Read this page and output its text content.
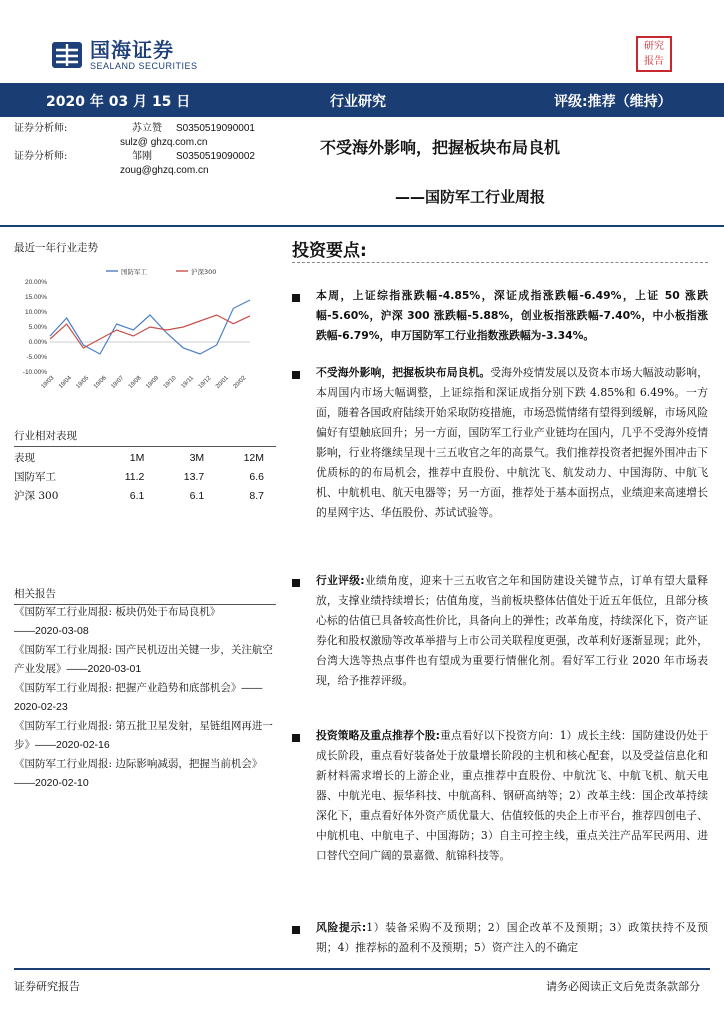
国海证券
SEALAND SECURITIES
研究
报告
2020 年 03 月 15 日	行业研究	评级:推荐（维持）
证券分析师:	苏立赞	S0350519090001
sulz@ ghzq.com.cn
证券分析师:	邹刚	S0350519090002
zoug@ghzq.com.cn
不受海外影响，把握板块布局良机
——国防军工行业周报
最近一年行业走势
国防军工	沪深300
20.00%
15.00%
10.00%
5.00%
0.00%
-5.00%
-10.00%
19/03 19/04 19/05 19/06 19/07 19/08 19/09 19/10 19/11 19/12 20/01 20/02
行业相对表现
表现	1M	3M	12M
国防军工	11.2	13.7	6.6
沪深 300	6.1	6.1	8.7
相关报告
《国防军工行业周报: 板块仍处于布局良机》
——2020-03-08
《国防军工行业周报: 国产民机迈出关键一步，关注航空产业发展》——2020-03-01
《国防军工行业周报: 把握产业趋势和底部机会》——2020-02-23
《国防军工行业周报: 第五批卫星发射，星链组网再进一步》——2020-02-16
《国防军工行业周报: 边际影响减弱，把握当前机会》——2020-02-10
投资要点:
本周，上证综指涨跌幅-4.85%，深证成指涨跌幅-6.49%，上证 50 涨跌幅-5.60%，沪深 300 涨跌幅-5.88%，创业板指涨跌幅-7.40%，中小板指涨跌幅-6.79%，申万国防军工行业指数涨跌幅为-3.34%。
不受海外影响，把握板块布局良机。受海外疫情发展以及资本市场大幅波动影响，本周国内市场大幅调整，上证综指和深证成指分别下跌 4.85%和 6.49%。一方面，随着各国政府陆续开始采取防疫措施，市场恐慌情绪有望得到缓解，市场风险偏好有望触底回升；另一方面，国防军工行业产业链均在国内，几乎不受海外疫情影响，行业将继续呈现十三五收官之年的高景气。我们推荐投资者把握外围冲击下优质标的的布局机会，推荐中直股份、中航沈飞、航发动力、中国海防、中航飞机、中航机电、航天电器等；另一方面，推荐处于基本面拐点，业绩迎来高速增长的星网宇达、华伍股份、苏试试验等。
行业评级:业绩角度，迎来十三五收官之年和国防建设关键节点，订单有望大量释放，支撑业绩持续增长；估值角度，当前板块整体估值处于近五年低位，且部分核心标的估值已具备较高性价比，具备向上的弹性；改革角度，持续深化下，资产证券化和股权激励等改革举措与上市公司关联程度更强，改革利好逐渐显现；此外，台湾大选等热点事件也有望成为重要行情催化剂。看好军工行业 2020 年市场表现，给予推荐评级。
投资策略及重点推荐个股:重点看好以下投资方向：1）成长主线：国防建设仍处于成长阶段，重点看好装备处于放量增长阶段的主机和核心配套，以及受益信息化和新材料需求增长的上游企业，重点推荐中直股份、中航沈飞、中航飞机、航天电器、中航光电、振华科技、中航高科、钢研高纳等；2）改革主线：国企改革持续深化下，重点看好体外资产质优量大、估值较低的央企上市平台，推荐四创电子、中航机电、中航电子、中国海防；3）自主可控主线，重点关注产品军民两用、进口替代空间广阔的景嘉微、航锦科技等。
风险提示:1）装备采购不及预期；2）国企改革不及预期；3）政策扶持不及预期；4）推荐标的盈利不及预期；5）资产注入的不确定
证券研究报告	请务必阅读正文后免责条款部分
